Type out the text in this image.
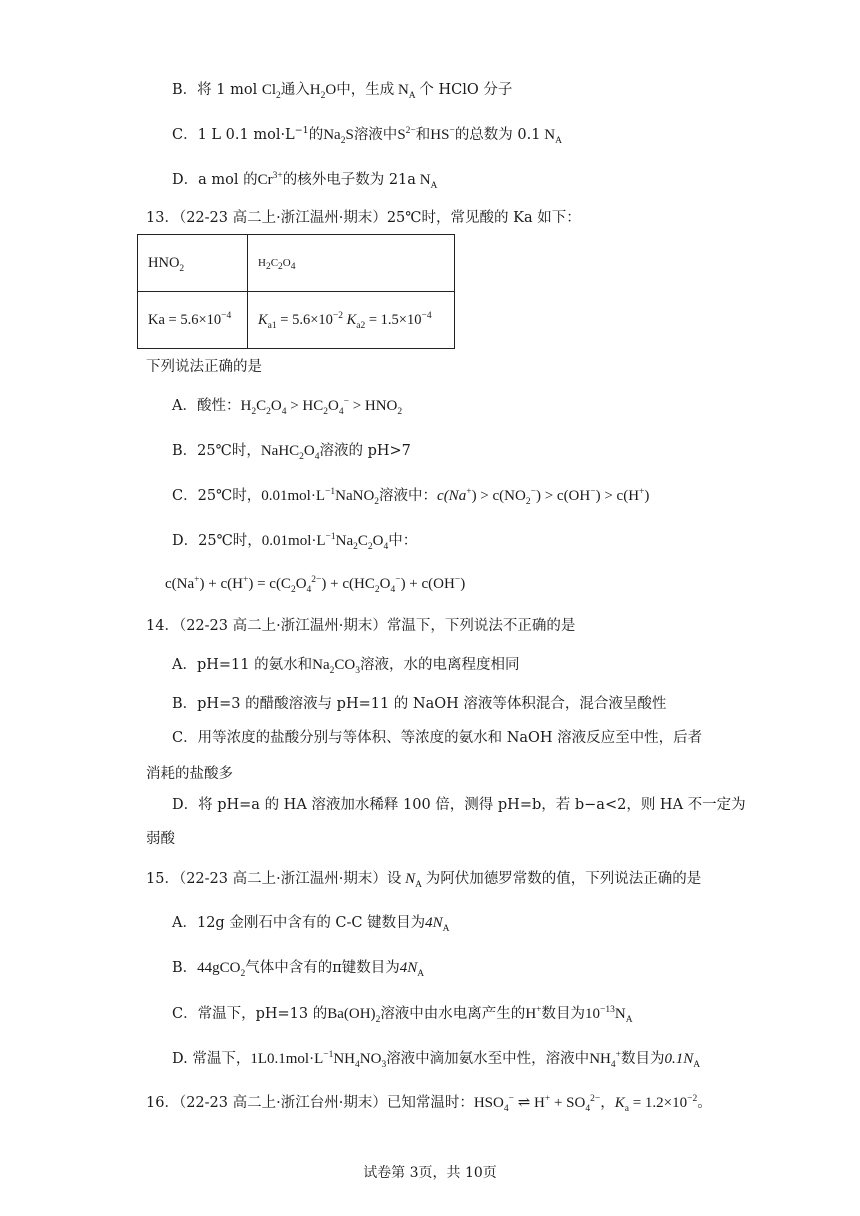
B．将 1 mol $Cl_2$通入$H_2O$中，生成 $N_A$ 个 HClO 分子
C．1 L 0.1 $mol\cdot L^{-1}$的$Na_2S$溶液中$S^{2-}$和HS−的总数为 0.1 $N_A$
D．a mol 的$Cr^{3+}$的核外电子数为 21a $N_A$
13．（22-23 高二上·浙江温州·期末）25℃时，常见酸的 Ka 如下：
$HNO_2$	$H_2C_2O_4$
$Ka = 5.6\times 10^{-4}$	$K_{a1} = 5.6\times 10^{-2}$ $K_{a2} = 1.5\times 10^{-4}$
下列说法正确的是
A．酸性：$H_2C_2O_4 > HC_2O_4^- > HNO_2$
B．25℃时，$NaHC_2O_4$溶液的 pH>7
C．25℃时，$0.01mol\cdot L^{-1}NaNO_2$溶液中：$c(Na^+) > c(NO_2^-) > c(OH^-) > c(H^+)$
D．25℃时，$0.01mol\cdot L^{-1}Na_2C_2O_4$中：
$c(Na^+) + c(H^+) = c(C_2O_4^{2-}) + c(HC_2O_4^-) + c(OH^-)$
14．（22-23 高二上·浙江温州·期末）常温下，下列说法不正确的是
A．pH=11 的氨水和$Na_2CO_3$溶液，水的电离程度相同
B．pH=3 的醋酸溶液与 pH=11 的 NaOH 溶液等体积混合，混合液呈酸性
C．用等浓度的盐酸分别与等体积、等浓度的氨水和 NaOH 溶液反应至中性，后者
消耗的盐酸多
D．将 pH=a 的 HA 溶液加水稀释 100 倍，测得 pH=b，若 b−a<2，则 HA 不一定为
弱酸
15．（22-23 高二上·浙江温州·期末）设 $N_A$ 为阿伏加德罗常数的值，下列说法正确的是
A．12g 金刚石中含有的 C-C 键数目为$4N_A$
B．44gCO$_2$气体中含有的π键数目为$4N_A$
C．常温下，pH=13 的$Ba(OH)_2$溶液中由水电离产生的H+数目为$10^{-13}N_A$
D. 常温下，$1L0.1mol\cdot L^{-1}NH_4NO_3$溶液中滴加氨水至中性，溶液中$NH_4^+$数目为$0.1N_A$
16．（22-23 高二上·浙江台州·期末）已知常温时：$HSO_4^-$ ⇌ $H^+ + SO_4^{2-}$，$K_a = 1.2\times 10^{-2}$。
试卷第 3页，共 10页
